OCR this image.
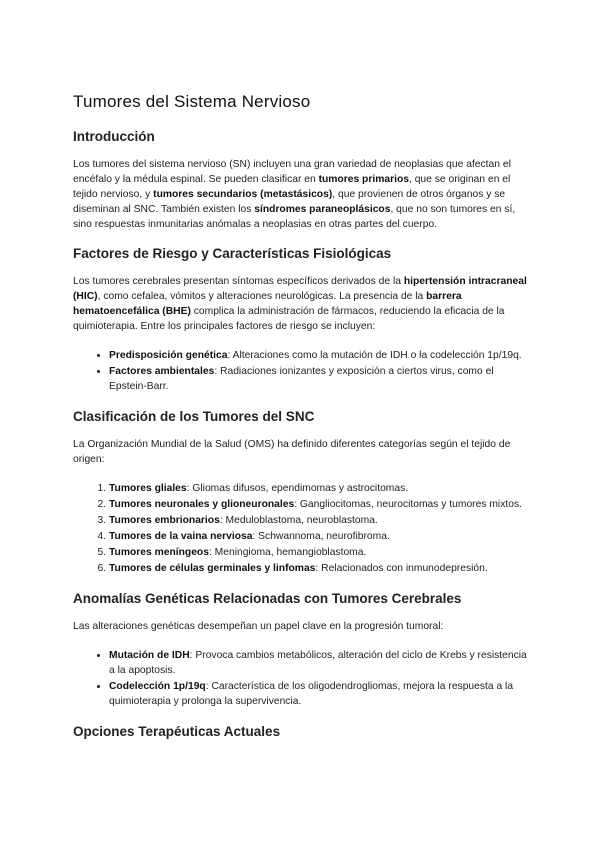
Tumores del Sistema Nervioso
Introducción

Los tumores del sistema nervioso (SN) incluyen una gran variedad de neoplasias que afectan el encéfalo y la médula espinal. Se pueden clasificar en tumores primarios, que se originan en el tejido nervioso, y tumores secundarios (metastásicos), que provienen de otros órganos y se diseminan al SNC. También existen los síndromes paraneoplásicos, que no son tumores en sí, sino respuestas inmunitarias anómalas a neoplasias en otras partes del cuerpo.

Factores de Riesgo y Características Fisiológicas

Los tumores cerebrales presentan síntomas específicos derivados de la hipertensión intracraneal (HIC), como cefalea, vómitos y alteraciones neurológicas. La presencia de la barrera hematoencefálica (BHE) complica la administración de fármacos, reduciendo la eficacia de la quimioterapia. Entre los principales factores de riesgo se incluyen:

• Predisposición genética: Alteraciones como la mutación de IDH o la codelección 1p/19q.
• Factores ambientales: Radiaciones ionizantes y exposición a ciertos virus, como el Epstein-Barr.
Clasificación de los Tumores del SNC

La Organización Mundial de la Salud (OMS) ha definido diferentes categorías según el tejido de origen:

1. Tumores gliales: Gliomas difusos, ependimomas y astrocitomas.
2. Tumores neuronales y glioneuronales: Gangliocitomas, neurocitomas y tumores mixtos.
3. Tumores embrionarios: Meduloblastoma, neuroblastoma.
4. Tumores de la vaina nerviosa: Schwannoma, neurofibroma.
5. Tumores meníngeos: Meningioma, hemangioblastoma.
6. Tumores de células germinales y linfomas: Relacionados con inmunodepresión.
Anomalías Genéticas Relacionadas con Tumores Cerebrales

Las alteraciones genéticas desempeñan un papel clave en la progresión tumoral:

• Mutación de IDH: Provoca cambios metabólicos, alteración del ciclo de Krebs y resistencia a la apoptosis.
• Codelección 1p/19q: Característica de los oligodendrogliomas, mejora la respuesta a la quimioterapia y prolonga la supervivencia.
Opciones Terapéuticas Actuales
